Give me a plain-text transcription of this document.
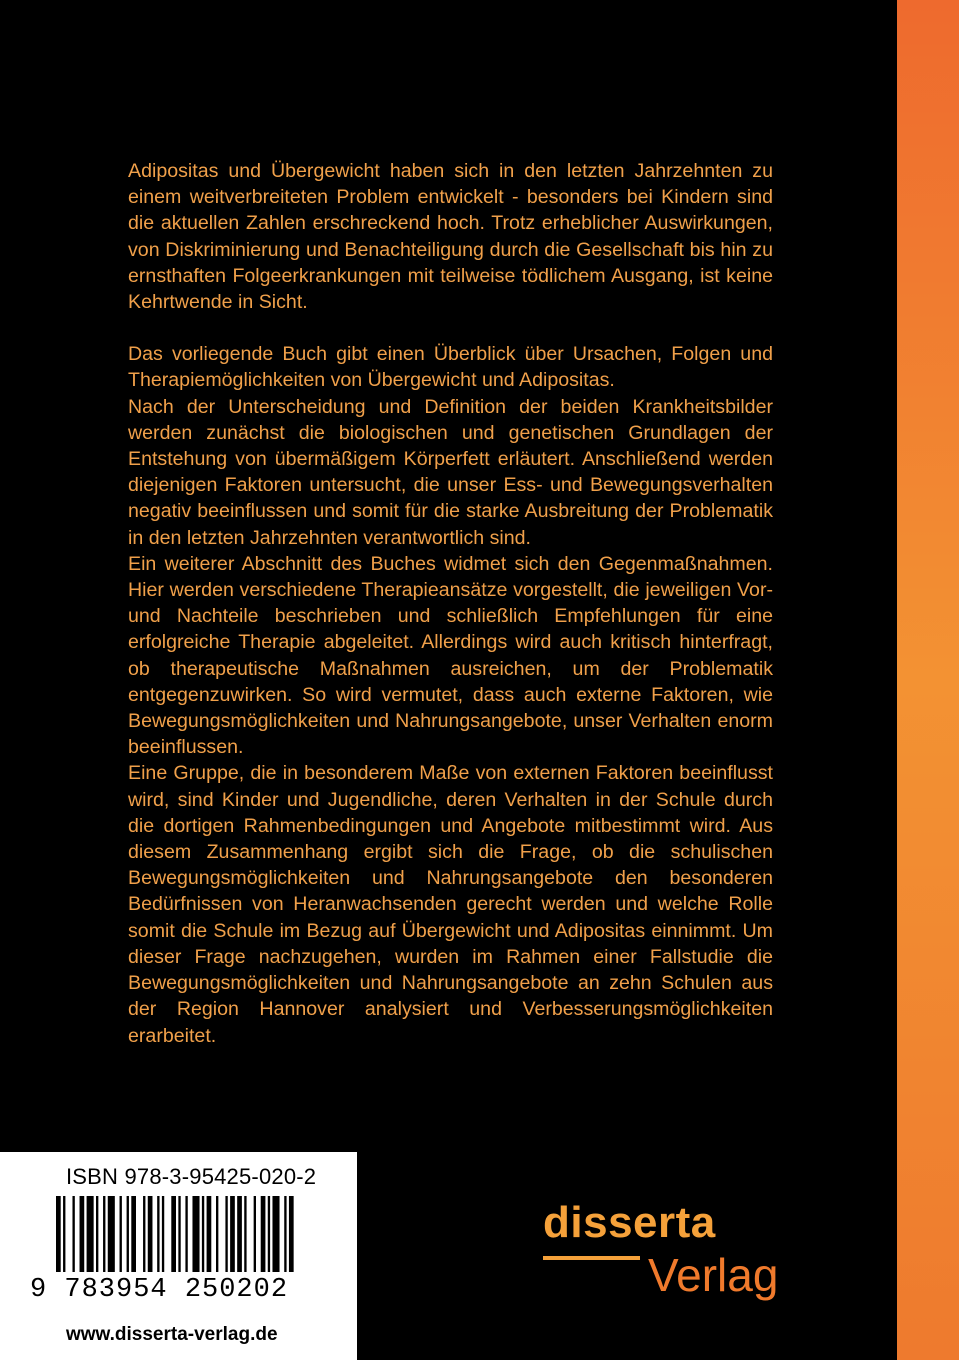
Adipositas und Übergewicht haben sich in den letzten Jahrzehnten zu einem weitverbreiteten Problem entwickelt - besonders bei Kindern sind die aktuellen Zahlen erschreckend hoch. Trotz erheblicher Auswirkungen, von Diskriminierung und Benachteiligung durch die Gesellschaft bis hin zu ernsthaften Folgeerkrankungen mit teilweise tödlichem Ausgang, ist keine Kehrtwende in Sicht.

Das vorliegende Buch gibt einen Überblick über Ursachen, Folgen und Therapiemöglichkeiten von Übergewicht und Adipositas.

Nach der Unterscheidung und Definition der beiden Krankheitsbilder werden zunächst die biologischen und genetischen Grundlagen der Entstehung von übermäßigem Körperfett erläutert. Anschließend werden diejenigen Faktoren untersucht, die unser Ess- und Bewegungsverhalten negativ beeinflussen und somit für die starke Ausbreitung der Problematik in den letzten Jahrzehnten verantwortlich sind.

Ein weiterer Abschnitt des Buches widmet sich den Gegenmaßnahmen. Hier werden verschiedene Therapieansätze vorgestellt, die jeweiligen Vor- und Nachteile beschrieben und schließlich Empfehlungen für eine erfolgreiche Therapie abgeleitet. Allerdings wird auch kritisch hinterfragt, ob therapeutische Maßnahmen ausreichen, um der Problematik entgegenzuwirken. So wird vermutet, dass auch externe Faktoren, wie Bewegungsmöglichkeiten und Nahrungsangebote, unser Verhalten enorm beeinflussen.

Eine Gruppe, die in besonderem Maße von externen Faktoren beeinflusst wird, sind Kinder und Jugendliche, deren Verhalten in der Schule durch die dortigen Rahmenbedingungen und Angebote mitbestimmt wird. Aus diesem Zusammenhang ergibt sich die Frage, ob die schulischen Bewegungsmöglichkeiten und Nahrungsangebote den besonderen Bedürfnissen von Heranwachsenden gerecht werden und welche Rolle somit die Schule im Bezug auf Übergewicht und Adipositas einnimmt. Um dieser Frage nachzugehen, wurden im Rahmen einer Fallstudie die Bewegungsmöglichkeiten und Nahrungsangebote an zehn Schulen aus der Region Hannover analysiert und Verbesserungsmöglichkeiten erarbeitet.

ISBN 978-3-95425-020-2
9 783954 250202
www.disserta-verlag.de
disserta
Verlag
